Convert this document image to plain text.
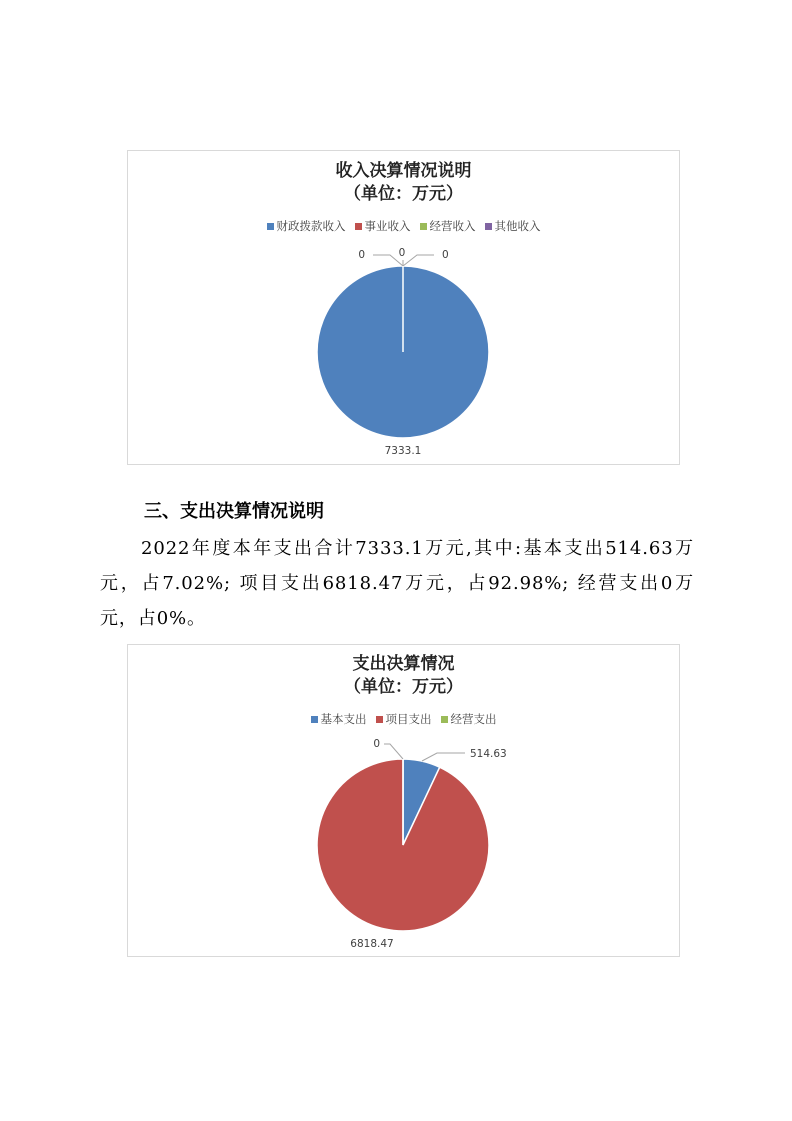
收入决算情况说明
（单位：万元）
财政拨款收入 事业收入 经营收入 其他收入
7333.1
0	0	0
三、支出决算情况说明
2022年度本年支出合计7333.1万元,其中:基本支出514.63万元，占7.02%; 项目支出6818.47万元，占92.98%; 经营支出0万元，占0%。
支出决算情况
（单位：万元）
基本支出 项目支出 经营支出
514.63
6818.47
0
